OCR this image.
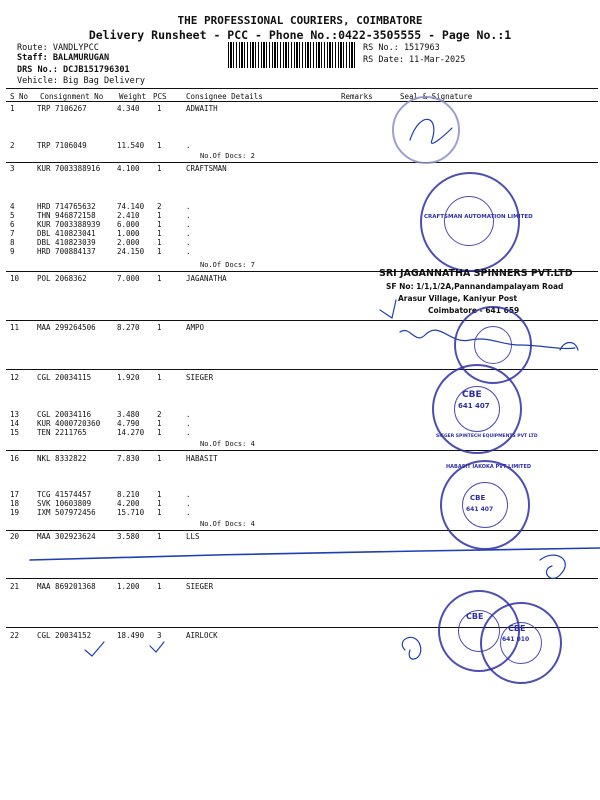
THE PROFESSIONAL COURIERS, COIMBATORE
Delivery Runsheet - PCC - Phone No.:0422-3505555 - Page No.:1
Route: VANDLYPCC
Staff: BALAMURUGAN
DRS No.: DCJB151796301
Vehicle: Big Bag Delivery
RS No.: 1517963
RS Date: 11-Mar-2025
S No Consignment No Weight PCS	Consignee Details	Remarks	Seal & Signature
1	TRP 7106267	4.340 1	ADWAITH
2	TRP 7106049	11.540 1	.
3	KUR 7003388916 4.100 1	CRAFTSMAN
4	HRD 714765632	74.140 2	.
5	THN 946872158	2.410 1	.
6	KUR 7003388939 6.000 1	.
7	DBL 410823041	1.000 1	.
8	DBL 410823039	2.000 1	.
9	HRD 700884137	24.150 1	.
10 POL 2068362	7.000 1	JAGANATHA
11 MAA 299264506	8.270 1	AMPO
12 CGL 20034115	1.920 1	SIEGER
13 CGL 20034116	3.480 2	.
14 KUR 4000720360 4.790 1	.
15 TEN 2211765	14.270 1	.
16 NKL 8332822	7.830 1	HABASIT
17 TCG 41574457	8.210 1	.
18 SVK 10603809	4.200 1	.
19 IXM 507972456	15.710 1	.
20 MAA 302923624	3.580 1	LLS
21 MAA 869201368	1.200 1	SIEGER
22 CGL 20034152	18.490 3	AIRLOCK
No.Of Docs: 2
No.Of Docs: 7
No.Of Docs: 4
No.Of Docs: 4
CRAFTSMAN AUTOMATION LIMITED
SRI JAGANNATHA SPINNERS PVT.LTD
SF No: 1/1,1/2A,Pannandampalayam Road
Arasur Village, Kaniyur Post
Coimbatore - 641 659
CBE
641 407
SIEGER SPINTECH EQUIPMENTS PVT LTD
HABASIT IAKOKA PVT LIMITED
CBE
641 407
CBE
CBE
641 010
